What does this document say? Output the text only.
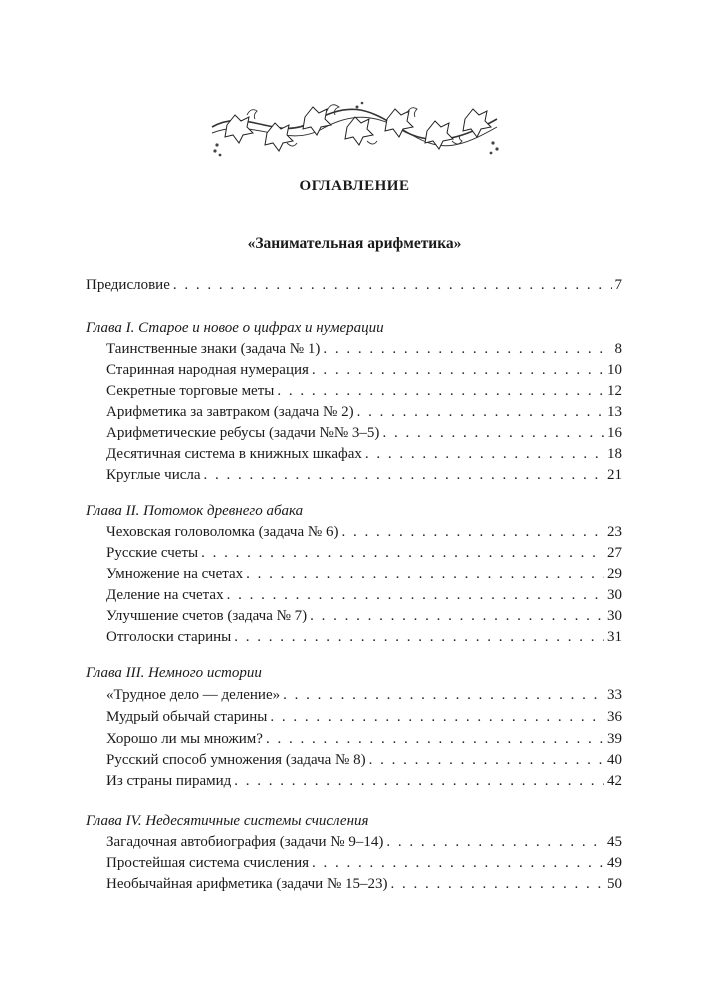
ОГЛАВЛЕНИЕ
«Занимательная арифметика»
Предисловие . . .	7
Глава I. Старое и новое о цифрах и нумерации
Таинственные знаки (задача № 1) . . .	8
Старинная народная нумерация . . .	10
Секретные торговые меты . . .	12
Арифметика за завтраком (задача № 2) . . .	13
Арифметические ребусы (задачи №№ 3–5) . . .	16
Десятичная система в книжных шкафах . . .	18
Круглые числа . . .	21
Глава II. Потомок древнего абака
Чеховская головоломка (задача № 6) . . .	23
Русские счеты . . .	27
Умножение на счетах . . .	29
Деление на счетах . . .	30
Улучшение счетов (задача № 7) . . .	30
Отголоски старины . . .	31
Глава III. Немного истории
«Трудное дело — деление» . . .	33
Мудрый обычай старины . . .	36
Хорошо ли мы множим? . . .	39
Русский способ умножения (задача № 8) . . .	40
Из страны пирамид . . .	42
Глава IV. Недесятичные системы счисления
Загадочная автобиография (задачи № 9–14) . . .	45
Простейшая система счисления . . .	49
Необычайная арифметика (задачи № 15–23) . . .	50
